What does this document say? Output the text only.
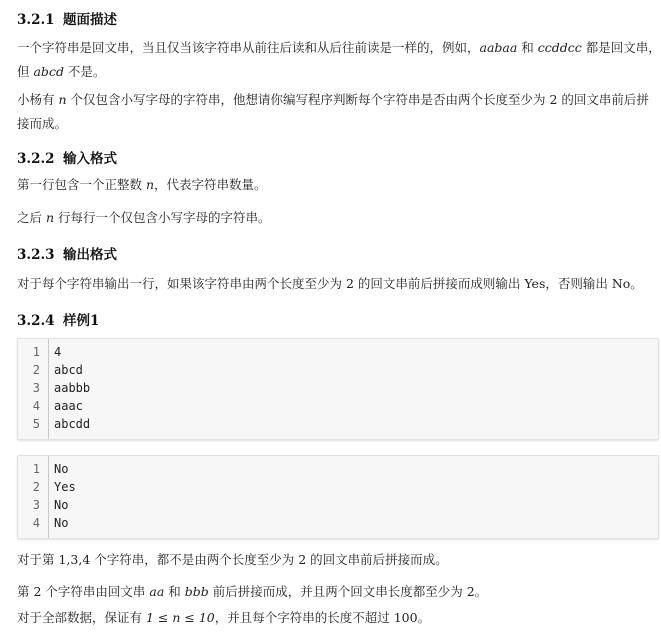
3.2.1 题面描述
一个字符串是回文串，当且仅当该字符串从前往后读和从后往前读是一样的，例如，aabaa 和 ccddcc 都是回文串，
但 abcd 不是。
小杨有 n 个仅包含小写字母的字符串，他想请你编写程序判断每个字符串是否由两个长度至少为 2 的回文串前后拼
接而成。
3.2.2 输入格式
第一行包含一个正整数 n，代表字符串数量。
之后 n 行每行一个仅包含小写字母的字符串。
3.2.3 输出格式
对于每个字符串输出一行，如果该字符串由两个长度至少为 2 的回文串前后拼接而成则输出 Yes，否则输出 No。
3.2.4 样例1
1 4
2 abcd
3 aabbb
4 aaac
5 abcdd
1 No
2 Yes
3 No
4 No
对于第 1,3,4 个字符串，都不是由两个长度至少为 2 的回文串前后拼接而成。
第 2 个字符串由回文串 aa 和 bbb 前后拼接而成，并且两个回文串长度都至少为 2。
对于全部数据，保证有 1 ≤ n ≤ 10，并且每个字符串的长度不超过 100。
